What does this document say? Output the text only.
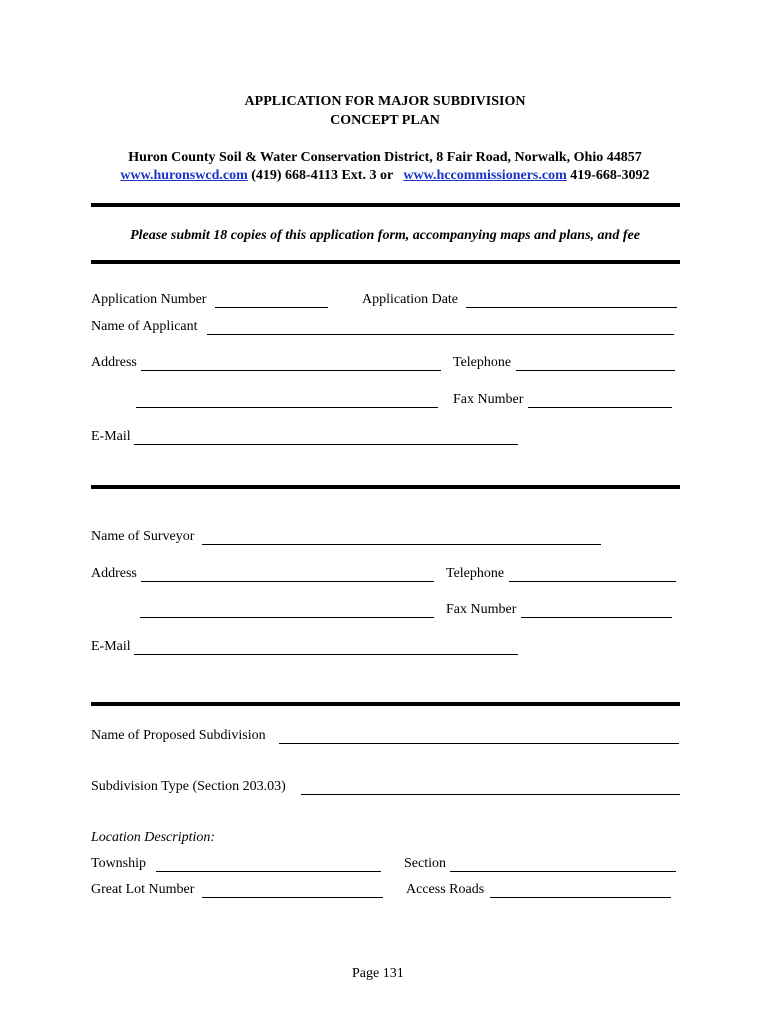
APPLICATION FOR MAJOR SUBDIVISION
CONCEPT PLAN
Huron County Soil & Water Conservation District, 8 Fair Road, Norwalk, Ohio 44857
www.huronswcd.com (419) 668-4113 Ext. 3 or   www.hccommissioners.com 419-668-3092
Please submit 18 copies of this application form, accompanying maps and plans, and fee
Application Number	Application Date
Name of Applicant
Address	Telephone
Fax Number
E-Mail
Name of Surveyor
Address	Telephone
Fax Number
E-Mail
Name of Proposed Subdivision
Subdivision Type (Section 203.03)
Location Description:
Township	Section
Great Lot Number	Access Roads
Page 131
